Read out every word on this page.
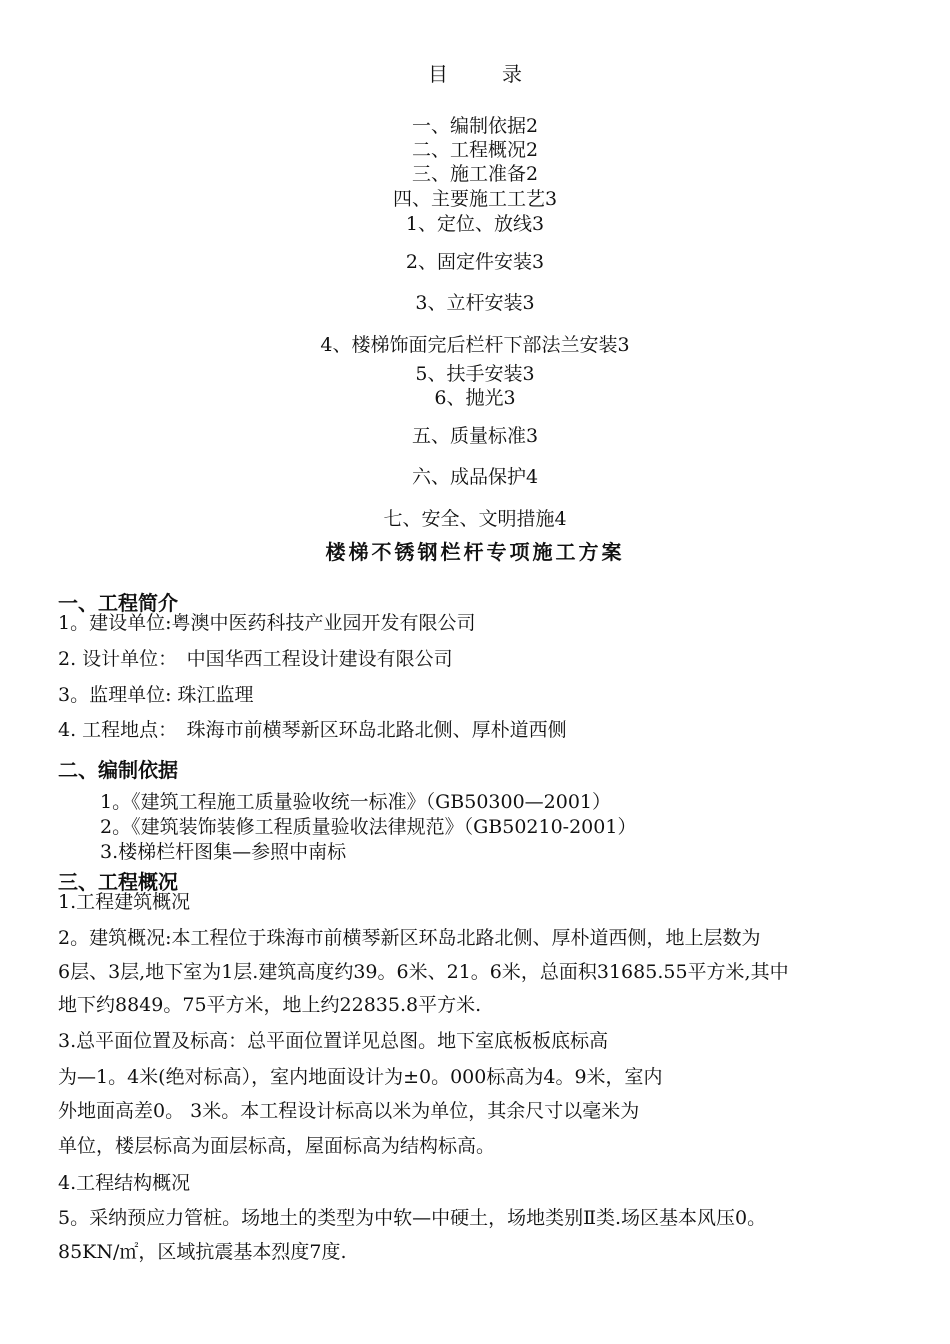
目录
一、编制依据2
二、工程概况2
三、施工准备2
四、主要施工工艺3
1、定位、放线3
2、固定件安装3
3、立杆安装3
4、楼梯饰面完后栏杆下部法兰安装3
5、扶手安装3
6、抛光3
五、质量标准3
六、成品保护4
七、安全、文明措施4
楼梯不锈钢栏杆专项施工方案
一、工程简介
1。建设单位:粤澳中医药科技产业园开发有限公司
2. 设计单位：　中国华西工程设计建设有限公司
3。监理单位: 珠江监理
4. 工程地点：　珠海市前横琴新区环岛北路北侧、厚朴道西侧
二、编制依据
1。《建筑工程施工质量验收统一标准》（GB50300—2001）
2。《建筑装饰装修工程质量验收法律规范》（GB50210-2001）
3.楼梯栏杆图集—参照中南标
三、工程概况
1.工程建筑概况
2。建筑概况:本工程位于珠海市前横琴新区环岛北路北侧、厚朴道西侧，地上层数为
6层、3层,地下室为1层.建筑高度约39。6米、21。6米，总面积31685.55平方米,其中
地下约8849。75平方米，地上约22835.8平方米.
3.总平面位置及标高：总平面位置详见总图。地下室底板板底标高
为—1。4米(绝对标高），室内地面设计为±0。000标高为4。9米，室内
外地面高差0。 3米。本工程设计标高以米为单位，其余尺寸以毫米为
单位，楼层标高为面层标高，屋面标高为结构标高。
4.工程结构概况
5。采纳预应力管桩。场地土的类型为中软—中硬土，场地类别Ⅱ类.场区基本风压0。
85KN/㎡，区域抗震基本烈度7度.
